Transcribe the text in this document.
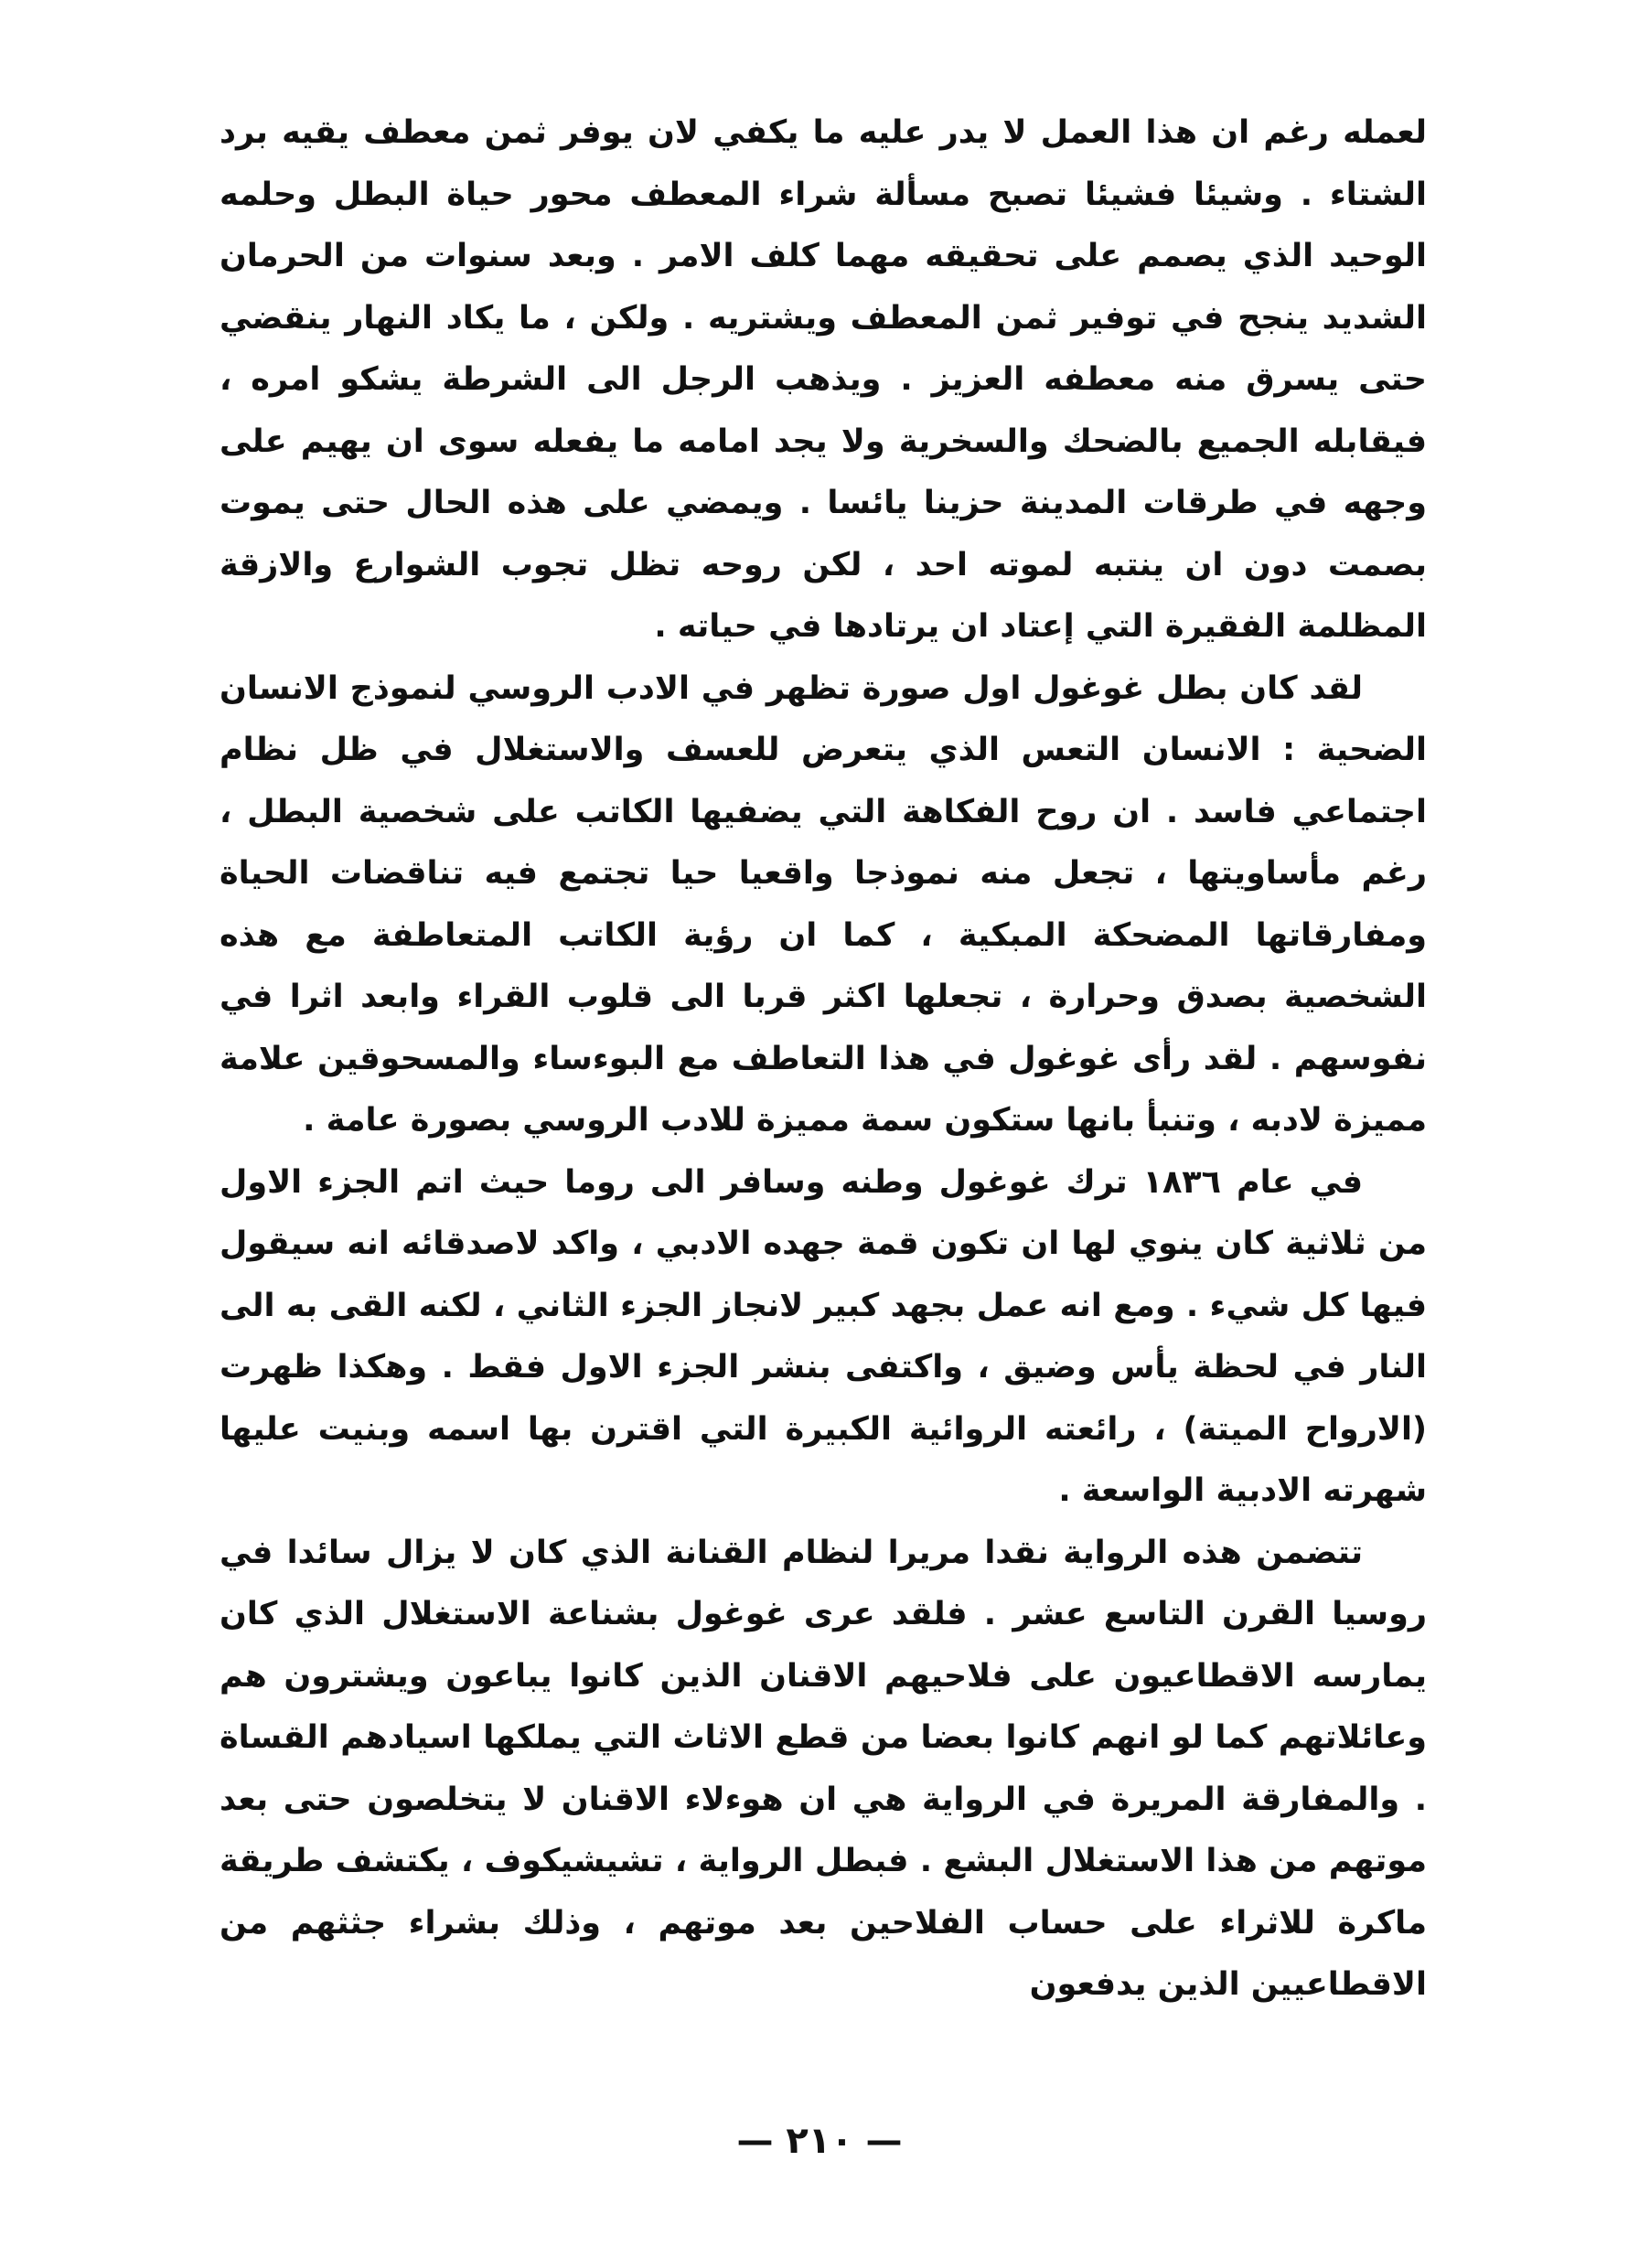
لعمله رغم ان هذا العمل لا يدر عليه ما يكفي لان يوفر ثمن معطف يقيه برد الشتاء . وشيئا فشيئا تصبح مسألة شراء المعطف محور حياة البطل وحلمه الوحيد الذي يصمم على تحقيقه مهما كلف الامر . وبعد سنوات من الحرمان الشديد ينجح في توفير ثمن المعطف ويشتريه . ولكن ، ما يكاد النهار ينقضي حتى يسرق منه معطفه العزيز . ويذهب الرجل الى الشرطة يشكو امره ، فيقابله الجميع بالضحك والسخرية ولا يجد امامه ما يفعله سوى ان يهيم على وجهه في طرقات المدينة حزينا يائسا . ويمضي على هذه الحال حتى يموت بصمت دون ان ينتبه لموته احد ، لكن روحه تظل تجوب الشوارع والازقة المظلمة الفقيرة التي إعتاد ان يرتادها في حياته .

لقد كان بطل غوغول اول صورة تظهر في الادب الروسي لنموذج الانسان الضحية : الانسان التعس الذي يتعرض للعسف والاستغلال في ظل نظام اجتماعي فاسد . ان روح الفكاهة التي يضفيها الكاتب على شخصية البطل ، رغم مأساويتها ، تجعل منه نموذجا واقعيا حيا تجتمع فيه تناقضات الحياة ومفارقاتها المضحكة المبكية ، كما ان رؤية الكاتب المتعاطفة مع هذه الشخصية بصدق وحرارة ، تجعلها اكثر قربا الى قلوب القراء وابعد اثرا في نفوسهم . لقد رأى غوغول في هذا التعاطف مع البوءساء والمسحوقين علامة مميزة لادبه ، وتنبأ بانها ستكون سمة مميزة للادب الروسي بصورة عامة .

في عام ١٨٣٦ ترك غوغول وطنه وسافر الى روما حيث اتم الجزء الاول من ثلاثية كان ينوي لها ان تكون قمة جهده الادبي ، واكد لاصدقائه انه سيقول فيها كل شيء . ومع انه عمل بجهد كبير لانجاز الجزء الثاني ، لكنه القى به الى النار في لحظة يأس وضيق ، واكتفى بنشر الجزء الاول فقط . وهكذا ظهرت (الارواح الميتة) ، رائعته الروائية الكبيرة التي اقترن بها اسمه وبنيت عليها شهرته الادبية الواسعة .

تتضمن هذه الرواية نقدا مريرا لنظام القنانة الذي كان لا يزال سائدا في روسيا القرن التاسع عشر . فلقد عرى غوغول بشناعة الاستغلال الذي كان يمارسه الاقطاعيون على فلاحيهم الاقنان الذين كانوا يباعون ويشترون هم وعائلاتهم كما لو انهم كانوا بعضا من قطع الاثاث التي يملكها اسيادهم القساة . والمفارقة المريرة في الرواية هي ان هوءلاء الاقنان لا يتخلصون حتى بعد موتهم من هذا الاستغلال البشع . فبطل الرواية ، تشيشيكوف ، يكتشف طريقة ماكرة للاثراء على حساب الفلاحين بعد موتهم ، وذلك بشراء جثثهم من الاقطاعيين الذين يدفعون

— ٢١٠ —
